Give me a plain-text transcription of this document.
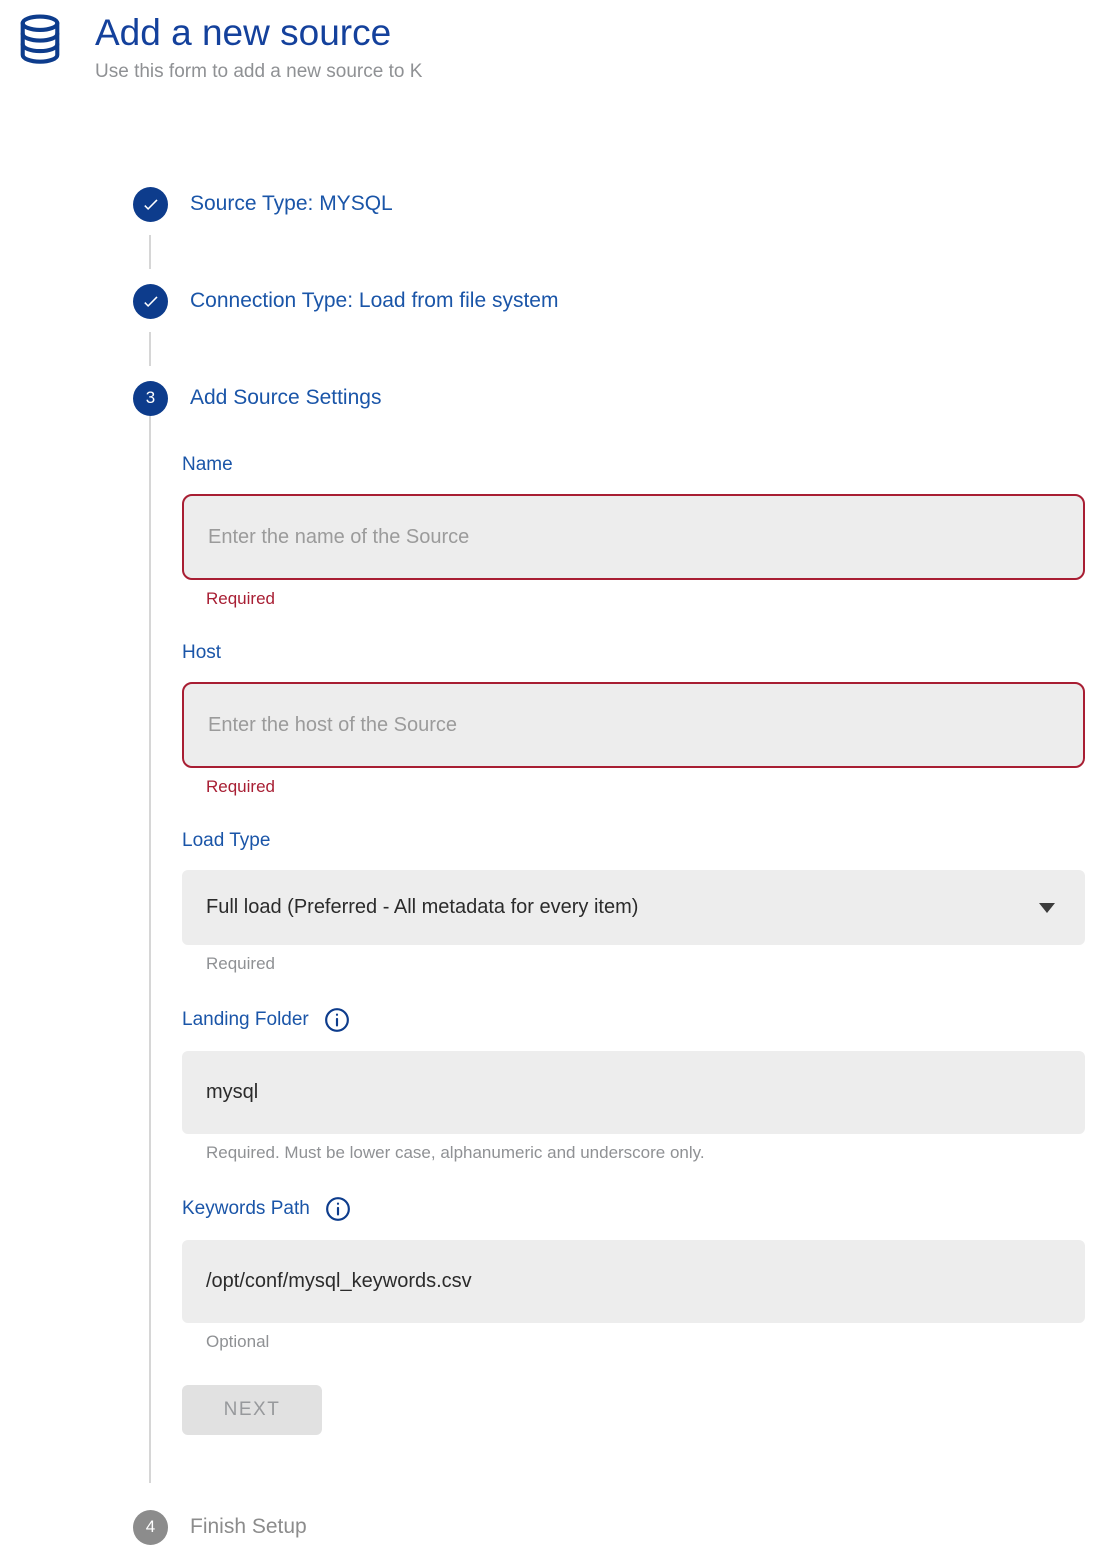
Add a new source

Use this form to add a new source to K

Source Type: MYSQL
Connection Type: Load from file system
3	Add Source Settings
Name
Enter the name of the Source
Required
Host
Enter the host of the Source
Required
Load Type
Full load (Preferred - All metadata for every item)
Required
Landing Folder
mysql
Required. Must be lower case, alphanumeric and underscore only.
Keywords Path
/opt/conf/mysql_keywords.csv
Optional
NEXT
4	Finish Setup
